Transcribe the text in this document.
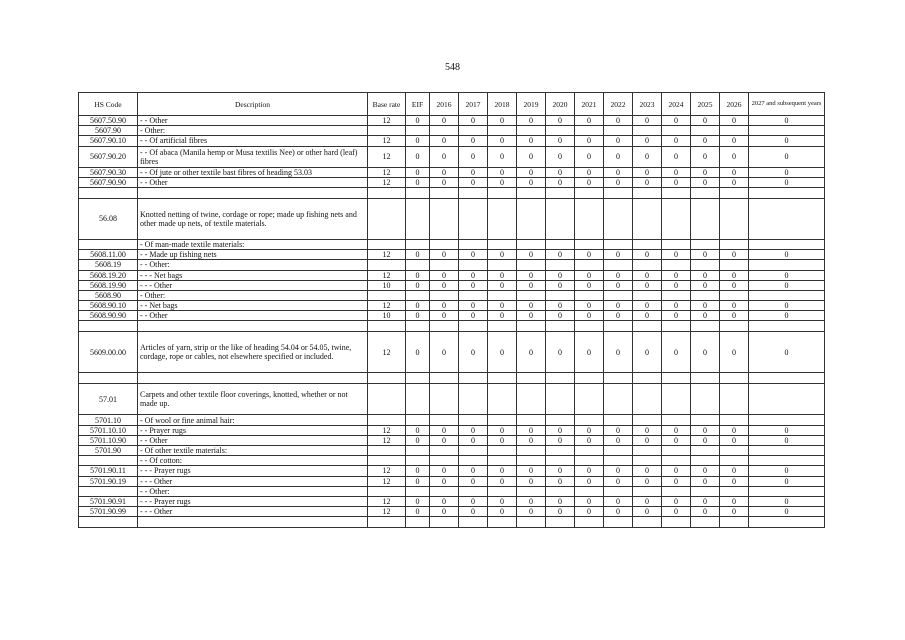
548
HS Code	Description	Base rate	EIF	2016	2017	2018	2019	2020	2021	2022	2023	2024	2025	2026	2027 and subsequent years
5607.50.90	- - Other	12	0	0	0	0	0	0	0	0	0	0	0	0	0
5607.90	- Other:														
5607.90.10	- - Of artificial fibres	12	0	0	0	0	0	0	0	0	0	0	0	0	0
5607.90.20	- - Of abaca (Manila hemp or Musa textilis Nee) or other hard (leaf) fibres	12	0	0	0	0	0	0	0	0	0	0	0	0	0
5607.90.30	- - Of jute or other textile bast fibres of heading 53.03	12	0	0	0	0	0	0	0	0	0	0	0	0	0
5607.90.90	- - Other	12	0	0	0	0	0	0	0	0	0	0	0	0	0

56.08	Knotted netting of twine, cordage or rope; made up fishing nets and other made up nets, of textile materials.														
	- Of man-made textile materials:														
5608.11.00	- - Made up fishing nets	12	0	0	0	0	0	0	0	0	0	0	0	0	0
5608.19	- - Other:														
5608.19.20	- - - Net bags	12	0	0	0	0	0	0	0	0	0	0	0	0	0
5608.19.90	- - - Other	10	0	0	0	0	0	0	0	0	0	0	0	0	0
5608.90	- Other:														
5608.90.10	- - Net bags	12	0	0	0	0	0	0	0	0	0	0	0	0	0
5608.90.90	- - Other	10	0	0	0	0	0	0	0	0	0	0	0	0	0

5609.00.00	Articles of yarn, strip or the like of heading 54.04 or 54.05, twine, cordage, rope or cables, not elsewhere specified or included.	12	0	0	0	0	0	0	0	0	0	0	0	0	0

57.01	Carpets and other textile floor coverings, knotted, whether or not made up.														
5701.10	- Of wool or fine animal hair:														
5701.10.10	- - Prayer rugs	12	0	0	0	0	0	0	0	0	0	0	0	0	0
5701.10.90	- - Other	12	0	0	0	0	0	0	0	0	0	0	0	0	0
5701.90	- Of other textile materials:														
	- - Of cotton:														
5701.90.11	- - - Prayer rugs	12	0	0	0	0	0	0	0	0	0	0	0	0	0
5701.90.19	- - - Other	12	0	0	0	0	0	0	0	0	0	0	0	0	0
	- - Other:														
5701.90.91	- - - Prayer rugs	12	0	0	0	0	0	0	0	0	0	0	0	0	0
5701.90.99	- - - Other	12	0	0	0	0	0	0	0	0	0	0	0	0	0
